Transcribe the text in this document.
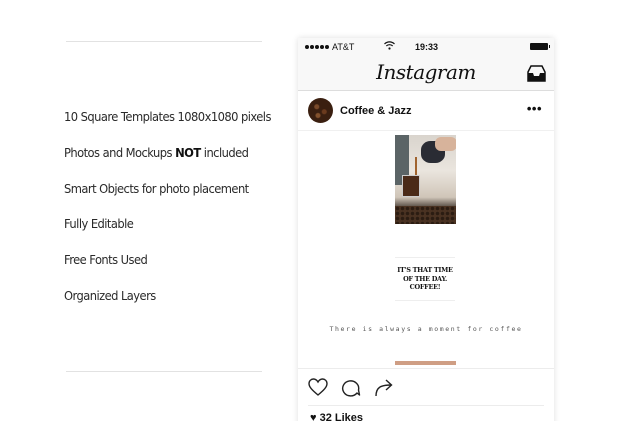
10 Square Templates 1080x1080 pixels
Photos and Mockups NOT included
Smart Objects for photo placement
Fully Editable
Free Fonts Used
Organized Layers
AT&T	19:33
Instagram
Coffee & Jazz	•••
IT'S THAT TIME
OF THE DAY.
COFFEE!
There is always a moment for coffee
♥ 32 Likes
